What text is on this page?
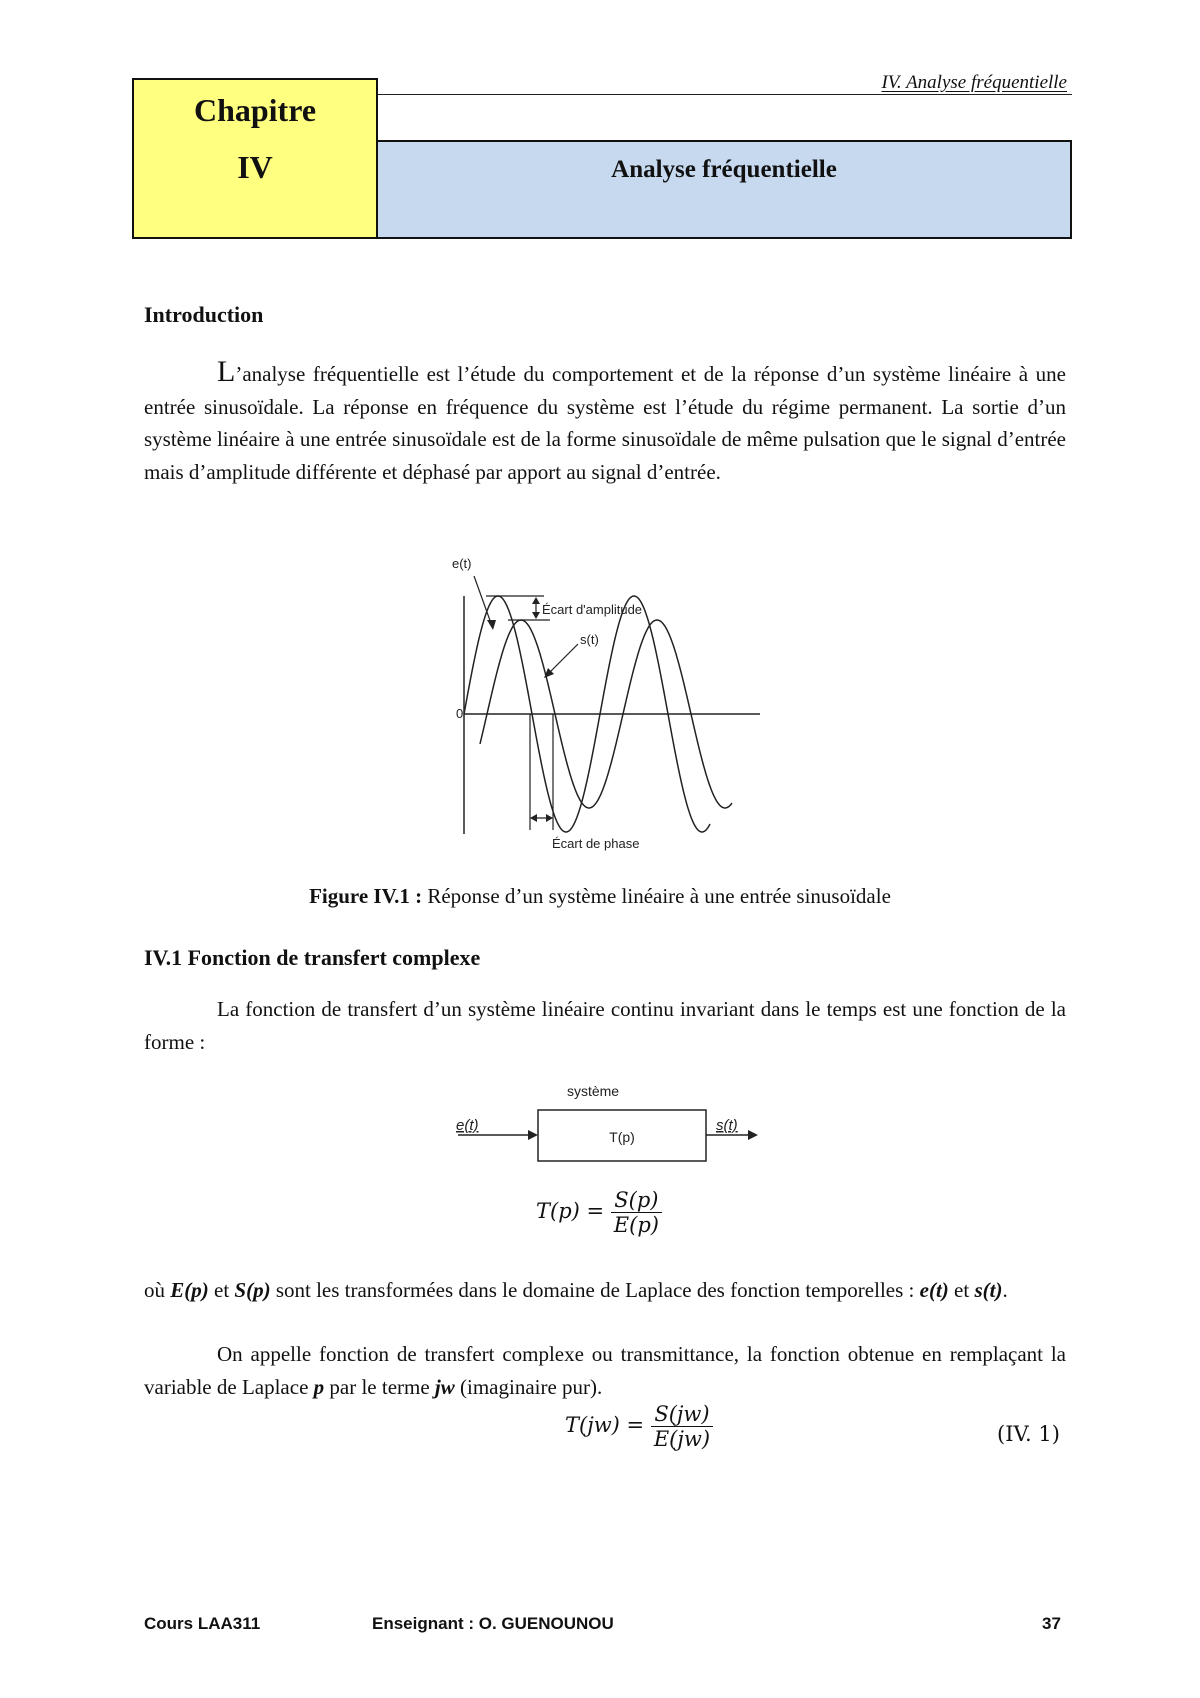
IV. Analyse fréquentielle
Chapitre
IV	Analyse fréquentielle
Introduction
L’analyse fréquentielle est l’étude du comportement et de la réponse d’un système linéaire à une entrée sinusoïdale. La réponse en fréquence du système est l’étude du régime permanent. La sortie d’un système linéaire à une entrée sinusoïdale est de la forme sinusoïdale de même pulsation que le signal d’entrée mais d’amplitude différente et déphasé par apport au signal d’entrée.
e(t)
s(t)
0
Écart d'amplitude
Écart de phase
Figure IV.1 : Réponse d’un système linéaire à une entrée sinusoïdale
IV.1 Fonction de transfert complexe
La fonction de transfert d’un système linéaire continu invariant dans le temps est une fonction de la forme :
système
T(p)
e(t)	s(t)
$T(p) = \frac{S(p)}{E(p)}$
où E(p) et S(p) sont les transformées dans le domaine de Laplace des fonction temporelles : e(t) et s(t).
On appelle fonction de transfert complexe ou transmittance, la fonction obtenue en remplaçant la variable de Laplace p par le terme jw (imaginaire pur).
$T(jw) = \frac{S(jw)}{E(jw)}$	(IV. 1)
Cours LAA311	Enseignant : O. GUENOUNOU	37
